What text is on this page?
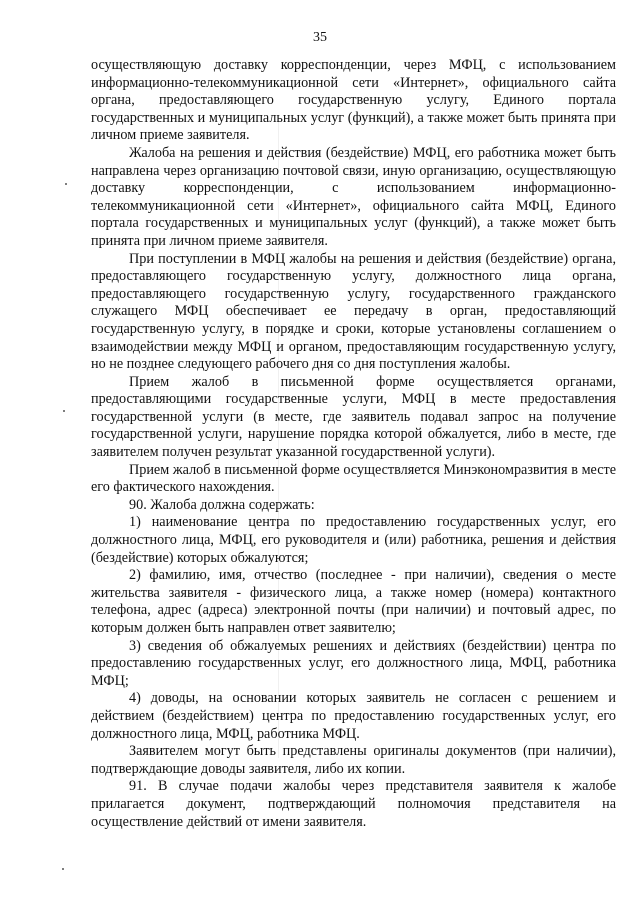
35

осуществляющую доставку корреспонденции, через МФЦ, с использованием информационно-телекоммуникационной сети «Интернет», официального сайта органа, предоставляющего государственную услугу, Единого портала государственных и муниципальных услуг (функций), а также может быть принята при личном приеме заявителя.

Жалоба на решения и действия (бездействие) МФЦ, его работника может быть направлена через организацию почтовой связи, иную организацию, осуществляющую доставку корреспонденции, с использованием информационно-телекоммуникационной сети «Интернет», официального сайта МФЦ, Единого портала государственных и муниципальных услуг (функций), а также может быть принята при личном приеме заявителя.

При поступлении в МФЦ жалобы на решения и действия (бездействие) органа, предоставляющего государственную услугу, должностного лица органа, предоставляющего государственную услугу, государственного гражданского служащего МФЦ обеспечивает ее передачу в орган, предоставляющий государственную услугу, в порядке и сроки, которые установлены соглашением о взаимодействии между МФЦ и органом, предоставляющим государственную услугу, но не позднее следующего рабочего дня со дня поступления жалобы.

Прием жалоб в письменной форме осуществляется органами, предоставляющими государственные услуги, МФЦ в месте предоставления государственной услуги (в месте, где заявитель подавал запрос на получение государственной услуги, нарушение порядка которой обжалуется, либо в месте, где заявителем получен результат указанной государственной услуги).

Прием жалоб в письменной форме осуществляется Минэкономразвития в месте его фактического нахождения.

90. Жалоба должна содержать:

1) наименование центра по предоставлению государственных услуг, его должностного лица, МФЦ, его руководителя и (или) работника, решения и действия (бездействие) которых обжалуются;

2) фамилию, имя, отчество (последнее - при наличии), сведения о месте жительства заявителя - физического лица, а также номер (номера) контактного телефона, адрес (адреса) электронной почты (при наличии) и почтовый адрес, по которым должен быть направлен ответ заявителю;

3) сведения об обжалуемых решениях и действиях (бездействии) центра по предоставлению государственных услуг, его должностного лица, МФЦ, работника МФЦ;

4) доводы, на основании которых заявитель не согласен с решением и действием (бездействием) центра по предоставлению государственных услуг, его должностного лица, МФЦ, работника МФЦ.

Заявителем могут быть представлены оригиналы документов (при наличии), подтверждающие доводы заявителя, либо их копии.

91. В случае подачи жалобы через представителя заявителя к жалобе прилагается документ, подтверждающий полномочия представителя на осуществление действий от имени заявителя.
